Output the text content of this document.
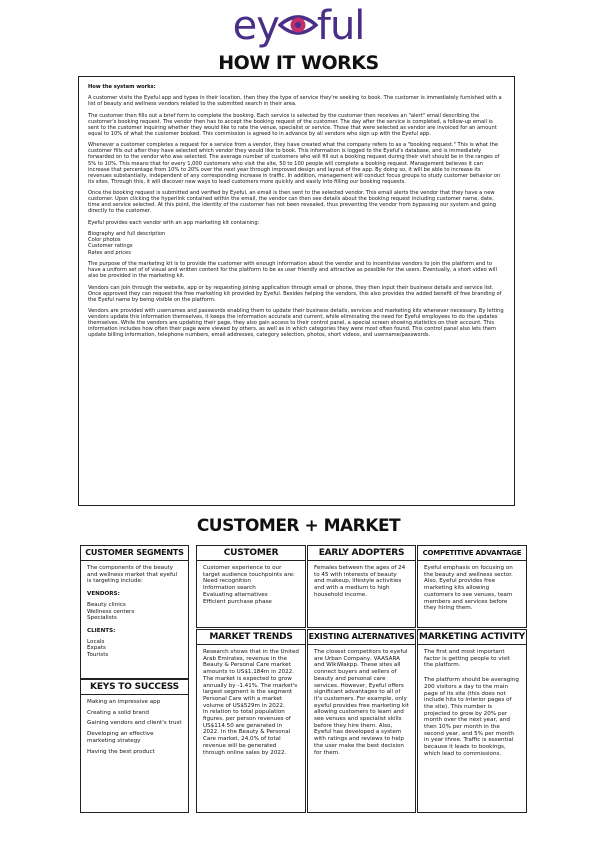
ey ful
HOW IT WORKS

How the system works:

A customer visits the Eyeful app and types in their location, then they the type of service they're seeking to book. The customer is immediately furnished with a list of beauty and wellness vendors related to the submitted search in their area.

The customer then fills out a brief form to complete the booking. Each service is selected by the customer then receives an "alert" email describing the customer's booking request. The vendor then has to accept the booking request of the customer. The day after the service is completed, a follow-up email is sent to the customer inquiring whether they would like to rate the venue, specialist or service. Those that were selected as vendor are invoiced for an amount equal to 10% of what the customer booked. This commission is agreed to in advance by all vendors who sign up with the Eyeful app.

Whenever a customer completes a request for a service from a vendor, they have created what the company refers to as a "booking request." This is what the customer fills out after they have selected which vendor they would like to book. This information is logged to the Eyeful's database, and is immediately forwarded on to the vendor who was selected. The average number of customers who will fill out a booking request during their visit should be in the ranges of 5% to 10%. This means that for every 1,000 customers who visit the site, 50 to 100 people will complete a booking request. Management believes it can increase that percentage from 10% to 20% over the next year through improved design and layout of the app. By doing so, it will be able to increase its revenues substantially, independent of any corresponding increase in traffic. In addition, management will conduct focus groups to study customer behavior on its sites. Through this, it will discover new ways to lead customers more quickly and easily into filling our booking requests.

Once the booking request is submitted and verified by Eyeful, an email is then sent to the selected vendor. This email alerts the vendor that they have a new customer. Upon clicking the hyperlink contained within the email, the vendor can then see details about the booking request including customer name, date, time and service selected. At this point, the identity of the customer has not been revealed, thus preventing the vendor from bypassing our system and going directly to the customer.

Eyeful provides each vendor with an app marketing kit containing:

Biography and full description
Color photos
Customer ratings
Rates and prices

The purpose of the marketing kit is to provide the customer with enough information about the vendor and to incentivise vendors to join the platform and to have a uniform set of of visual and written content for the platform to be as user friendly and attractive as possible for the users. Eventually, a short video will also be provided in the marketing kit.

Vendors can join through the website, app or by requesting joining application through email or phone, they then input their business details and service list. Once approved they can request the free marketing kit provided by Eyeful. Besides helping the vendors, this also provides the added benefit of free branding of the Eyeful name by being visible on the platform.

Vendors are provided with usernames and passwords enabling them to update their business details, services and marketing kits whenever necessary. By letting vendors update this information themselves, it keeps the information accurate and current, while eliminating the need for Eyeful employees to do the updates themselves. While the vendors are updating their page, they also gain access to their control panel, a special screen showing statistics on their account. This information includes how often their page were viewed by others, as well as in which categories they were most often found. This control panel also lets them update billing information, telephone numbers, email addresses, category selection, photos, short videos, and username/passwords.

CUSTOMER + MARKET
CUSTOMER SEGMENTS

The components of the beauty and wellness market that eyeful is targeting include:

VENDORS:

Beauty clinics
Wellness centers
Specialists

CLIENTS:

Locals
Expats
Tourists

KEYS TO SUCCESS

Making an impressive app

Creating a solid brand

Gaining vendors and client's trust

Developing an effective marketing strategy

Having the best product

CUSTOMER
Customer experience to our target audience touchpoints are:
Need recognition
Information search
Evaluating alternatives
Efficient purchase phase
MARKET TRENDS
Research shows that in the United Arab Emirates, revenue in the Beauty & Personal Care market amounts to US$1,184m in 2022. The market is expected to grow annually by -1.41%. The market's largest segment is the segment Personal Care with a market volume of US$529m in 2022.
In relation to total population figures, per person revenues of US$114.50 are generated in 2022. In the Beauty & Personal Care market, 24.0% of total revenue will be generated through online sales by 2022.
EARLY ADOPTERS
Females between the ages of 24 to 45 with interests of beauty and makeup, lifestyle activities and with a medium to high household income.
EXISTING ALTERNATIVES
The closest competitors to eyeful are Urban Company, VAASARA and WikiWakpp. These sites all connect buyers and sellers of beauty and personal care services. However, Eyeful offers significant advantages to all of it's customers. For example, only eyeful provides free marketing kit allowing customers to learn and see venues and specialist skills before they hire them. Also, Eyeful has developed a system with ratings and reviews to help the user make the best decision for them.
COMPETITIVE ADVANTAGE
Eyeful emphasis on focusing on the beauty and wellness sector. Also, Eyeful provides free marketing kits allowing customers to see venues, team members and services before they hiring them.
MARKETING ACTIVITY

The first and most important factor is getting people to visit the platform.

The platform should be averaging 200 visitors a day to the main page of its site (this does not include hits to interior pages of the site). This number is projected to grow by 20% per month over the next year, and then 10% per month in the second year, and 5% per month in year three. Traffic is essential because it leads to bookings, which lead to commissions.
